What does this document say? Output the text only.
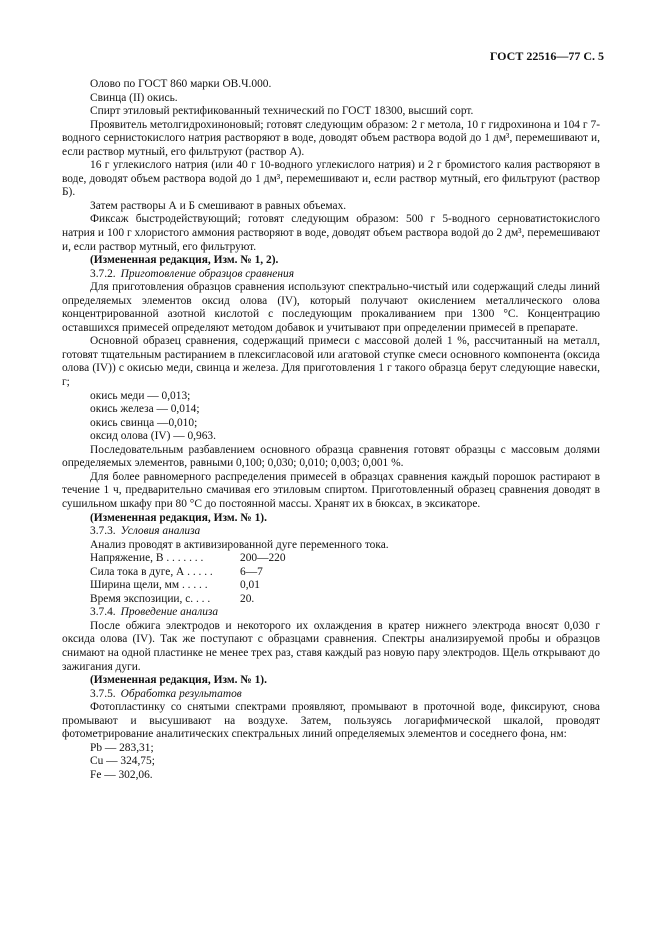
ГОСТ 22516—77 С. 5

Олово по ГОСТ 860 марки ОВ.Ч.000.

Свинца (II) окись.

Спирт этиловый ректификованный технический по ГОСТ 18300, высший сорт.

Проявитель метолгидрохиноновый; готовят следующим образом: 2 г метола, 10 г гидрохинона и 104 г 7-водного сернистокислого натрия растворяют в воде, доводят объем раствора водой до 1 дм³, перемешивают и, если раствор мутный, его фильтруют (раствор А).

16 г углекислого натрия (или 40 г 10-водного углекислого натрия) и 2 г бромистого калия растворяют в воде, доводят объем раствора водой до 1 дм³, перемешивают и, если раствор мутный, его фильтруют (раствор Б).

Затем растворы А и Б смешивают в равных объемах.

Фиксаж быстродействующий; готовят следующим образом: 500 г 5-водного серноватистокислого натрия и 100 г хлористого аммония растворяют в воде, доводят объем раствора водой до 2 дм³, перемешивают и, если раствор мутный, его фильтруют.

(Измененная редакция, Изм. № 1, 2).

3.7.2. Приготовление образцов сравнения

Для приготовления образцов сравнения используют спектрально-чистый или содержащий следы линий определяемых элементов оксид олова (IV), который получают окислением металлического олова концентрированной азотной кислотой с последующим прокаливанием при 1300 °С. Концентрацию оставшихся примесей определяют методом добавок и учитывают при определении примесей в препарате.

Основной образец сравнения, содержащий примеси с массовой долей 1 %, рассчитанный на металл, готовят тщательным растиранием в плексигласовой или агатовой ступке смеси основного компонента (оксида олова (IV)) с окисью меди, свинца и железа. Для приготовления 1 г такого образца берут следующие навески, г;

окись меди — 0,013;

окись железа — 0,014;

окись свинца —0,010;

оксид олова (IV) — 0,963.

Последовательным разбавлением основного образца сравнения готовят образцы с массовым долями определяемых элементов, равными 0,100; 0,030; 0,010; 0,003; 0,001 %.

Для более равномерного распределения примесей в образцах сравнения каждый порошок растирают в течение 1 ч, предварительно смачивая его этиловым спиртом. Приготовленный образец сравнения доводят в сушильном шкафу при 80 °С до постоянной массы. Хранят их в бюксах, в эксикаторе.

(Измененная редакция, Изм. № 1).

3.7.3. Условия анализа

Анализ проводят в активизированной дуге переменного тока.

Напряжение, В . . . . . . .	200—220
Сила тока в дуге, А . . . . .	6—7
Ширина щели, мм . . . . .	0,01
Время экспозиции, с. . . .	20.

3.7.4. Проведение анализа

После обжига электродов и некоторого их охлаждения в кратер нижнего электрода вносят 0,030 г оксида олова (IV). Так же поступают с образцами сравнения. Спектры анализируемой пробы и образцов снимают на одной пластинке не менее трех раз, ставя каждый раз новую пару электродов. Щель открывают до зажигания дуги.

(Измененная редакция, Изм. № 1).

3.7.5. Обработка результатов

Фотопластинку со снятыми спектрами проявляют, промывают в проточной воде, фиксируют, снова промывают и высушивают на воздухе. Затем, пользуясь логарифмической шкалой, проводят фотометрирование аналитических спектральных линий определяемых элементов и соседнего фона, нм:

Pb — 283,31;

Cu — 324,75;

Fe — 302,06.
